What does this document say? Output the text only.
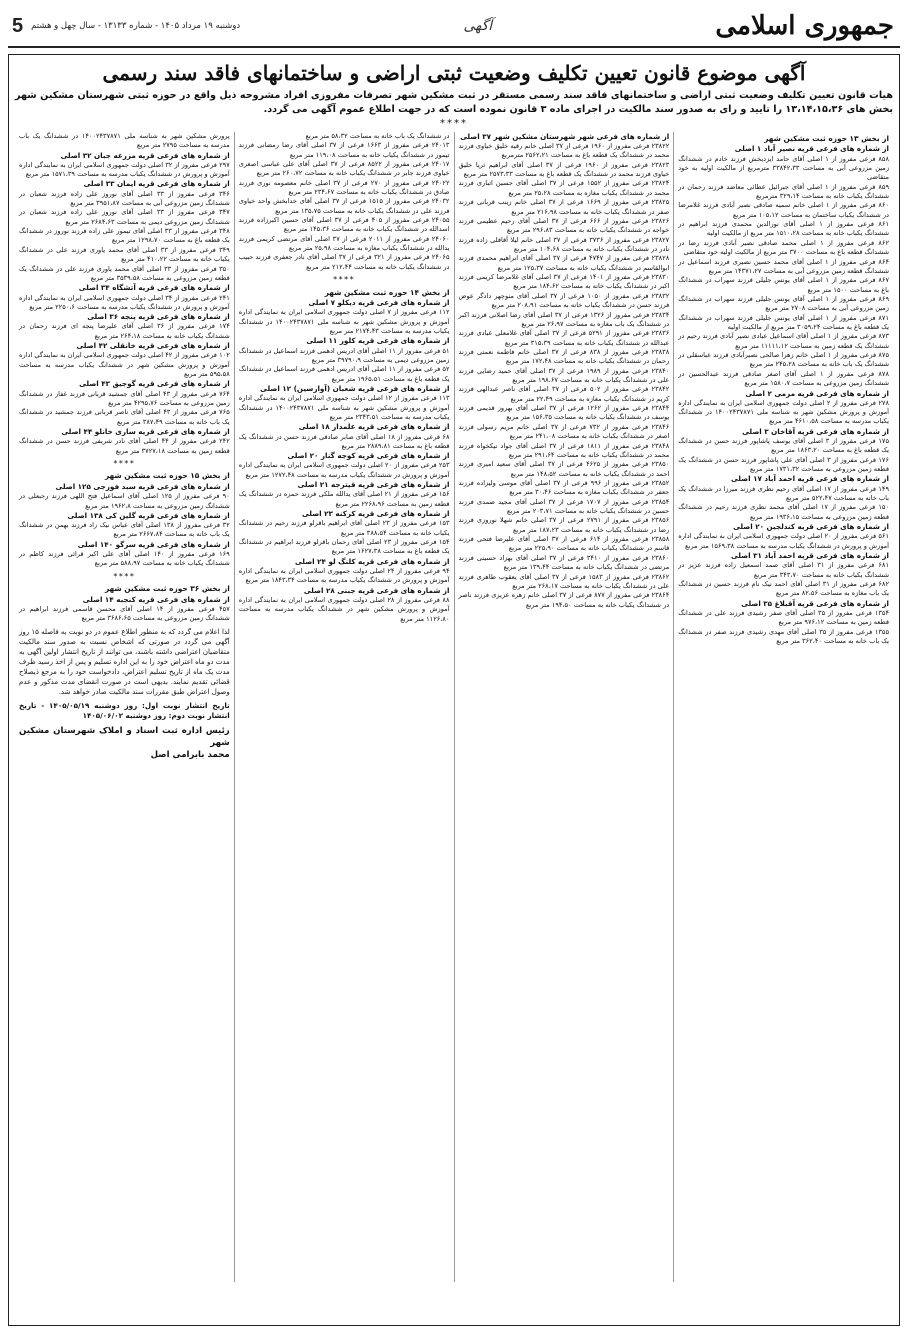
جمهوری اسلامی
آگهی
دوشنبه ۱۹ مرداد ۱۴۰۵ - شماره ۱۳۱۳۳ - سال چهل و هشتم
5
آگهی موضوع قانون تعیین تکلیف وضعیت ثبتی اراضی و ساختمانهای فاقد سند رسمی
هیات قانون تعیین تکلیف وضعیت ثبتی اراضی و ساختمانهای فاقد سند رسمی مستقر در ثبت مشکین شهر تصرفات مفروزی افراد مشروحه ذیل واقع در حوزه ثبتی شهرستان مشکین شهر بخش های ۱۳،۱۴،۱۵،۳۶ را تایید و رای به صدور سند مالکیت در اجرای ماده ۳ قانون نموده است که در جهت اطلاع عموم آگهی می گردد.
****
از بخش ۱۳ حوزه ثبت مشکین شهر
از شماره های فرعی قریه نصیر آباد ۱ اصلی
۸۵۸ فرعی مفروز از ۱ اصلی آقای حامد ایزدبخش فرزند خادم در ششدانگ زمین مزروعی آبی به مساحت ۳۳۸۴۲،۳۳ مترمربع از مالکیت اولیه به خود متقاضی
۸۵۹ فرعی مفروز از ۱ اصلی آقای جبرائیل عطائی معاضد فرزند رحمان در ششدانگ یکباب خانه به مساحت ۳۲۹،۱۴ مترمربع
۸۶۰ فرعی مفروز از ۱ اصلی خانم سمیه صادقی نصیر آبادی فرزند غلامرضا در ششدانگ یکباب ساختمان به مساحت ۱۰۵،۱۲ متر مربع
۸۶۱ فرعی مفروز از ۱ اصلی آقای نورالدین محمدی فرزند ابراهیم در ششدانگ یکباب خانه به مساحت ۱۵۱۰،۲۸ متر مربع از مالکیت اولیه
۸۶۲ فرعی مفروز از ۱ اصلی محمد صادقی نصیر آبادی فرزند رضا در ششدانگ قطعه باغ به مساحت ۳۷۰۰ متر مربع از مالکیت اولیه خود متقاضی
۸۶۴ فرعی مفروز از ۱ اصلی آقای محمد حسین نصیری فرزند اسماعیل در ششدانگ قطعه زمین مزروعی آبی به مساحت ۱۴۳۷۱،۲۷ متر مربع
۸۶۷ فرعی مفروز از ۱ اصلی آقای یونس جلیلی فرزند سهراب در ششدانگ باغ به مساحت ۱۵۰۰ متر مربع
۸۶۹ فرعی مفروز از ۱ اصلی آقای یونس جلیلی فرزند سهراب در ششدانگ زمین مزروعی آبی به مساحت ۲۷۰۸ متر مربع
۸۷۱ فرعی مفروز از ۱ اصلی آقای یونس جلیلی فرزند سهراب در ششدانگ یک قطعه باغ به مساحت ۳۰۵۹،۲۴ متر مربع از مالکیت اولیه
۸۷۳ فرعی مفروز از ۱ اصلی آقای اسماعیل عبادی نصیر آبادی فرزند رحیم در ششدانگ یک قطعه زمین به مساحت ۱۱۱۱۱،۱۲ متر مربع
۸۷۵ فرعی مفروز از ۱ اصلی خانم زهرا صالحی نصیرآبادی فرزند عباسقلی در ششدانگ یک باب خانه به مساحت ۲۴۵،۲۸ متر مربع
۸۷۸ فرعی مفروز از ۱ اصلی آقای اصغر صادقی فرزند عبدالحسین در ششدانگ زمین مزروعی به مساحت ۱۵۸۰،۷ متر مربع
از شماره های فرعی قریه مرمی ۲ اصلی
۲۷۸ فرعی مفروز از ۲ اصلی دولت جمهوری اسلامی ایران به نمایندگی اداره آموزش و پرورش مشکین شهر به شناسه ملی ۱۴۰۰۲۴۳۷۸۷۱ در ششدانگ یکباب مدرسه به مساحت ۴۶۱۰،۵۸ متر مربع
از شماره های فرعی قریه آقاخان ۳ اصلی
۱۷۵ فرعی مفروز از ۳ اصلی آقای یوسف پاشاپور فرزند حسن در ششدانگ یک قطعه باغ به مساحت ۱۸۶۳،۲۰ متر مربع
۱۷۶ فرعی مفروز از ۳ اصلی آقای علی پاشاپور فرزند حسن در ششدانگ یک قطعه زمین مزروعی به مساحت ۱۷۳۱،۳۲ متر مربع
از شماره های فرعی قریه احمد آباد ۱۷ اصلی
۱۴۹ فرعی مفروز از ۱۷ اصلی آقای رحیم نظری فرزند میرزا در ششدانگ یک باب خانه به مساحت ۵۲۲،۴۷ متر مربع
۱۵۰ فرعی مفروز از ۱۷ اصلی آقای محمد نظری فرزند رحیم در ششدانگ قطعه زمین مزروعی به مساحت ۱۹۳۶،۱۵ متر مربع
از شماره های فرعی قریه کندلجین ۲۰ اصلی
۵۶۱ فرعی مفروز از ۲۰ اصلی دولت جمهوری اسلامی ایران به نمایندگی اداره آموزش و پرورش در ششدانگ یکباب مدرسه به مساحت ۱۵۶۹،۳۸ متر مربع
از شماره های فرعی قریه احمد آباد ۳۱ اصلی
۶۸۱ فرعی مفروز از ۳۱ اصلی آقای صمد اسمعیل زاده فرزند عزیز در ششدانگ یکباب خانه به مساحت ۳۴۳،۷۰ متر مربع
۶۸۲ فرعی مفروز از ۳۱ اصلی آقای احمد نیک نام فرزند حسین در ششدانگ یک باب مغازه به مساحت ۸۲،۵۶ متر مربع
از شماره های فرعی قریه آقبلاغ ۳۵ اصلی
۱۳۵۴ فرعی مفروز از ۳۵ اصلی آقای صفر رشیدی فرزند علی در ششدانگ قطعه زمین به مساحت ۹۷۶،۱۲ متر مربع
۱۳۵۵ فرعی مفروز از ۳۵ اصلی آقای مهدی رشیدی فرزند صفر در ششدانگ یک باب خانه به مساحت ۳۶۲،۴۰ متر مربع
از شماره های فرعی شهر شهرستان مشکین شهر ۳۷ اصلی
۲۳۸۲۲ فرعی مفروز از ۱۹۶۰ فرعی از ۳۷ اصلی خانم رقیه خلیق خیاوی فرزند محمد در ششدانگ یک قطعه باغ به مساحت ۲۵۶۲،۲۱ مترمربع
۲۳۸۲۳ فرعی مفروز از ۱۹۶۰ فرعی از ۳۷ اصلی آقای ابراهیم ثریا خلیق خیاوی فرزند محمد در ششدانگ یک قطعه باغ به مساحت ۲۵۷۳،۳۳ متر مربع
۲۳۸۲۴ فرعی مفروز از ۱۵۵۲ فرعی از ۳۷ اصلی آقای حسین اتباری فرزند محمد در ششدانگ یکباب مغازه به مساحت ۲۵،۲۸ متر مربع
۲۳۸۲۵ فرعی مفروز از ۱۶۶۹ فرعی از ۳۷ اصلی خانم زینب قربانی فرزند صفر در ششدانگ یکباب خانه به مساحت ۲۱۶،۹۸ متر مربع
۲۳۸۲۶ فرعی مفروز از ۶۶۶ فرعی از ۳۷ اصلی آقای رحیم عظیمی فرزند خواجه در ششدانگ یکباب خانه به مساحت ۲۹۶،۸۳ متر مربع
۲۳۸۲۷ فرعی مفروز از ۳۷۳۶ فرعی از ۳۷ اصلی خانم لیلا آقاقلی زاده فرزند نادر در ششدانگ یکباب خانه به مساحت ۱۰۴،۶۸ متر مربع
۲۳۸۲۸ فرعی مفروز از ۴۷۴۷ فرعی از ۳۷ اصلی آقای ابراهیم محمدی فرزند ابوالقاسم در ششدانگ یکباب خانه به مساحت ۱۲۵،۳۷ متر مربع
۲۳۸۳۰ فرعی مفروز از ۱۴۰۱ فرعی از ۳۷ اصلی آقای غلامرضا کریمی فرزند اکبر در ششدانگ یکباب خانه به مساحت ۱۸۴،۶۲ متر مربع
۲۳۸۳۲ فرعی مفروز از ۱۰۵۰ فرعی از ۳۷ اصلی آقای منوچهر دادگر عوض فرزند حسن در ششدانگ یکباب خانه به مساحت ۲۰۸،۹۱ متر مربع
۲۳۸۳۴ فرعی مفروز از ۱۳۲۶ فرعی از ۳۷ اصلی آقای رضا اصلانی فرزند اکبر در ششدانگ یک باب مغازه به مساحت ۲۶،۹۷ متر مربع
۲۳۸۳۶ فرعی مفروز از ۵۲۹۱ فرعی از ۳۷ اصلی آقای غلامعلی عبادی فرزند عبدالله در ششدانگ یکباب خانه به مساحت ۳۱۵،۳۹ متر مربع
۲۳۸۳۸ فرعی مفروز از ۸۳۸ فرعی از ۳۷ اصلی خانم فاطمه نعمتی فرزند رحمان در ششدانگ یکباب خانه به مساحت ۱۷۲،۴۸ متر مربع
۲۳۸۴۰ فرعی مفروز از ۱۹۸۹ فرعی از ۳۷ اصلی آقای حمید رضایی فرزند علی در ششدانگ یکباب خانه به مساحت ۱۹۸،۶۷ متر مربع
۲۳۸۴۲ فرعی مفروز از ۵۰۲ فرعی از ۳۷ اصلی آقای ناصر عبدالهی فرزند کریم در ششدانگ یکباب مغازه به مساحت ۲۲،۴۹ متر مربع
۲۳۸۴۴ فرعی مفروز از ۱۲۶۲ فرعی از ۳۷ اصلی آقای بهروز قدیمی فرزند یوسف در ششدانگ یکباب خانه به مساحت ۱۵۶،۳۵ متر مربع
۲۳۸۴۶ فرعی مفروز از ۷۳۲ فرعی از ۳۷ اصلی خانم مریم رسولی فرزند اصغر در ششدانگ یکباب خانه به مساحت ۲۴۱،۰۸ متر مربع
۲۳۸۴۸ فرعی مفروز از ۱۸۱۱ فرعی از ۳۷ اصلی آقای جواد نیکخواه فرزند محمد در ششدانگ یکباب خانه به مساحت ۲۹۱،۶۴ متر مربع
۲۳۸۵۰ فرعی مفروز از ۴۶۲۵ فرعی از ۳۷ اصلی آقای سعید امیری فرزند احمد در ششدانگ یکباب خانه به مساحت ۱۴۸،۵۲ متر مربع
۲۳۸۵۲ فرعی مفروز از ۹۹۶ فرعی از ۳۷ اصلی آقای موسی ولیزاده فرزند جعفر در ششدانگ یکباب مغازه به مساحت ۳۰،۴۶ متر مربع
۲۳۸۵۴ فرعی مفروز از ۱۷۰۷ فرعی از ۳۷ اصلی آقای مجید صمدی فرزند حسین در ششدانگ یکباب خانه به مساحت ۲۰۳،۷۱ متر مربع
۲۳۸۵۶ فرعی مفروز از ۲۷۹۱ فرعی از ۳۷ اصلی خانم شهلا نوروزی فرزند رضا در ششدانگ یکباب خانه به مساحت ۱۸۷،۲۳ متر مربع
۲۳۸۵۸ فرعی مفروز از ۶۱۴ فرعی از ۳۷ اصلی آقای علیرضا فتحی فرزند قاسم در ششدانگ یکباب خانه به مساحت ۲۲۵،۹۰ متر مربع
۲۳۸۶۰ فرعی مفروز از ۳۴۱۰ فرعی از ۳۷ اصلی آقای بهزاد حسینی فرزند مرتضی در ششدانگ یکباب خانه به مساحت ۱۳۹،۴۴ متر مربع
۲۳۸۶۲ فرعی مفروز از ۱۵۸۳ فرعی از ۳۷ اصلی آقای یعقوب طاهری فرزند علی در ششدانگ یکباب خانه به مساحت ۲۶۸،۱۷ متر مربع
۲۳۸۶۴ فرعی مفروز از ۸۷۷ فرعی از ۳۷ اصلی خانم زهره عزیزی فرزند ناصر در ششدانگ یکباب خانه به مساحت ۱۹۴،۵۰ متر مربع
در ششدانگ یک باب خانه به مساحت ۵۸،۳۲ متر مربع
۲۴۰۱۳ فرعی مفروز از ۱۶۶۳ فرعی از ۳۷ اصلی آقای رضا رمضانی فرزند تیمور در ششدانگ یکباب خانه به مساحت ۱۱۹،۰۸ متر مربع
۲۴۰۱۷ فرعی مفروز از ۸۵۲۲ فرعی از ۳۷ اصلی آقای علی عباسی اصغری خیاوی فرزند جابر در ششدانگ یکباب خانه به مساحت ۲۶۰،۷۲ متر مربع
۲۴۰۲۲ فرعی مفروز از ۲۷۰ فرعی از ۳۷ اصلی خانم معصومه نوری فرزند صادق در ششدانگ یکباب خانه به مساحت ۲۳۴،۶۷ متر مربع
۲۴۰۳۲ فرعی مفروز از ۱۵۱۵ فرعی از ۳۷ اصلی آقای خدابخش واحد خیاوی فرزند علی در ششدانگ یکباب خانه به مساحت ۱۳۵،۷۵ متر مربع
۲۴۰۵۵ فرعی مفروز از ۴۰۵ فرعی از ۳۷ اصلی آقای حسین اکبرزاده فرزند اسدالله در ششدانگ یکباب خانه به مساحت ۱۴۵،۳۶ متر مربع
۲۴۰۶۰ فرعی مفروز از ۲۰۱۱ فرعی از ۳۷ اصلی آقای مرتضی کریمی فرزند یدالله در ششدانگ یکباب مغازه به مساحت ۲۵،۹۸ متر مربع
۲۴۰۶۵ فرعی مفروز از ۳۲۱ فرعی از ۳۷ اصلی آقای نادر جعفری فرزند حبیب در ششدانگ یکباب خانه به مساحت ۲۱۲،۴۴ متر مربع
****
از بخش ۱۴ حوزه ثبت مشکین شهر
از شماره های فرعی قریه دیکلو ۷ اصلی
۱۱۲ فرعی مفروز از ۷ اصلی دولت جمهوری اسلامی ایران به نمایندگی اداره آموزش و پرورش مشکین شهر به شناسه ملی ۱۴۰۰۲۴۳۷۸۷۱ در ششدانگ یکباب مدرسه به مساحت ۲۱۷۴،۴۳ متر مربع
از شماره های فرعی قریه کلور ۱۱ اصلی
۵۱ فرعی مفروز از ۱۱ اصلی آقای ادریس ادهمی فرزند اسماعیل در ششدانگ زمین مزروعی دیمی به مساحت ۳۹۷۹۰،۹ متر مربع
۵۲ فرعی مفروز از ۱۱ اصلی آقای ادریس ادهمی فرزند اسماعیل در ششدانگ یک قطعه باغ به مساحت ۱۹۶۵،۵۱ متر مربع
از شماره های فرعی قریه شعبان (آوارسین) ۱۲ اصلی
۱۱۳ فرعی مفروز از ۱۲ اصلی دولت جمهوری اسلامی ایران به نمایندگی اداره آموزش و پرورش مشکین شهر به شناسه ملی ۱۴۰۰۲۴۳۷۸۷۱ در ششدانگ یکباب مدرسه به مساحت ۲۳۴۳،۵۱ متر مربع
از شماره های فرعی قریه علمدار ۱۸ اصلی
۶۸ فرعی مفروز از ۱۸ اصلی آقای صابر صادقی فرزند حسن در ششدانگ یک قطعه باغ به مساحت ۲۸۸۹،۸۱ متر مربع
از شماره های فرعی قریه کوجه گنار ۲۰ اصلی
۲۵۳ فرعی مفروز از ۲۰ اصلی دولت جمهوری اسلامی ایران به نمایندگی اداره آموزش و پرورش در ششدانگ یکباب مدرسه به مساحت ۱۲۷۲،۴۸ متر مربع
از شماره های فرعی قریه قیترجه ۲۱ اصلی
۱۵۶ فرعی مفروز از ۲۱ اصلی آقای یدالله ملکی فرزند حمزه در ششدانگ یک قطعه زمین به مساحت ۲۲۶۸،۹۶ متر مربع
از شماره های فرعی قریه کرکنه ۲۳ اصلی
۱۵۳ فرعی مفروز از ۲۳ اصلی آقای ابراهیم باقرلو فرزند رحیم در ششدانگ یکباب خانه به مساحت ۳۸۸،۵۴ متر مربع
۱۵۴ فرعی مفروز از ۲۳ اصلی آقای رحمان باقرلو فرزند ابراهیم در ششدانگ یک قطعه باغ به مساحت ۱۶۲۷،۳۸ متر مربع
از شماره های فرعی قریه کلنگ لو ۲۴ اصلی
۹۴ فرعی مفروز از ۲۴ اصلی دولت جمهوری اسلامی ایران به نمایندگی اداره آموزش و پرورش در ششدانگ یکباب مدرسه به مساحت ۱۸۴۳،۳۴ متر مربع
از شماره های فرعی قریه جبنی ۲۸ اصلی
۸۸ فرعی مفروز از ۲۸ اصلی دولت جمهوری اسلامی ایران به نمایندگی اداره آموزش و پرورش مشکین شهر در ششدانگ یکباب مدرسه به مساحت ۱۱۲۶،۸۰ متر مربع
پرورش مشکین شهر به شناسه ملی ۱۴۰۰۲۴۳۷۸۷۱ در ششدانگ یک باب مدرسه به مساحت ۲۷۹۵ متر مربع
از شماره های فرعی قریه مزرعه جبان ۳۲ اصلی
۲۹۷ فرعی مفروز از ۳۲ اصلی دولت جمهوری اسلامی ایران به نمایندگی اداره آموزش و پرورش در ششدانگ یکباب مدرسه به مساحت ۱۵۷۱،۳۹ متر مربع
از شماره های فرعی قریه ایمان ۳۳ اصلی
۳۴۶ فرعی مفروز از ۳۳ اصلی آقای نوروز علی زاده فرزند شعبان در ششدانگ زمین مزروعی آبی به مساحت ۳۹۵۱،۸۷ متر مربع
۳۴۷ فرعی مفروز از ۳۳ اصلی آقای نوروز علی زاده فرزند شعبان در ششدانگ زمین مزروعی دیمی به مساحت ۲۶۸۴،۶۳ متر مربع
۳۴۸ فرعی مفروز از ۳۳ اصلی آقای تیمور علی زاده فرزند نوروز در ششدانگ یک قطعه باغ به مساحت ۱۲۹۸،۷۰ متر مربع
۳۴۹ فرعی مفروز از ۳۳ اصلی آقای محمد یاوری فرزند علی در ششدانگ یکباب خانه به مساحت ۴۱۰،۲۲ متر مربع
۳۵۰ فرعی مفروز از ۳۳ اصلی آقای محمد یاوری فرزند علی در ششدانگ یک قطعه زمین مزروعی به مساحت ۳۵۳۹،۵۸ متر مربع
از شماره های فرعی قریه آتشگاه ۳۴ اصلی
۲۴۱ فرعی مفروز از ۳۴ اصلی دولت جمهوری اسلامی ایران به نمایندگی اداره آموزش و پرورش در ششدانگ یکباب مدرسه به مساحت ۲۲۵۰،۶ متر مربع
از شماره های فرعی قریه پنجه ۳۶ اصلی
۱۷۴ فرعی مفروز از ۳۶ اصلی آقای علیرضا پنجه ای فرزند رحمان در ششدانگ یکباب خانه به مساحت ۲۶۴،۱۸ متر مربع
از شماره های فرعی قریه خانقلی ۴۲ اصلی
۱۰۲ فرعی مفروز از ۴۲ اصلی دولت جمهوری اسلامی ایران به نمایندگی اداره آموزش و پرورش مشکین شهر در ششدانگ یکباب مدرسه به مساحت ۵۹۵،۵۸ متر مربع
از شماره های فرعی قریه گوجیق ۴۳ اصلی
۷۶۴ فرعی مفروز از ۴۳ اصلی آقای جمشید قربانی فرزند غفار در ششدانگ زمین مزروعی به مساحت ۴۲۹۵،۷۶ متر مربع
۷۶۵ فرعی مفروز از ۴۳ اصلی آقای ناصر قربانی فرزند جمشید در ششدانگ یک باب خانه به مساحت ۳۸۷،۴۹ متر مربع
از شماره های فرعی قریه ساری خانلو ۴۴ اصلی
۲۴۲ فرعی مفروز از ۴۴ اصلی آقای نادر شریفی فرزند حسن در ششدانگ قطعه زمین به مساحت ۳۷۲۷،۱۸ متر مربع
****
از بخش ۱۵ حوزه ثبت مشکین شهر
از شماره های فرعی قریه سبد فورجی ۱۲۵ اصلی
۹۰ فرعی مفروز از ۱۲۵ اصلی آقای اسماعیل فتح اللهی فرزند رجبعلی در ششدانگ زمین مزروعی به مساحت ۱۹۶۲،۸ متر مربع
از شماره های فرعی قریه گلین کی ۱۳۸ اصلی
۳۲ فرعی مفروز از ۱۳۸ اصلی آقای عباس نیک زاد فرزند بهمن در ششدانگ یک باب خانه به مساحت ۲۶۶۷،۸۴ متر مربع
از شماره های فرعی قریه سرگو ۱۴۰ اصلی
۱۶۹ فرعی مفروز از ۱۴۰ اصلی آقای علی اکبر قرائی فرزند کاظم در ششدانگ یکباب خانه به مساحت ۵۸۸،۹۷ متر مربع
****
از بخش ۳۶ حوزه ثبت مشکین شهر
از شماره های فرعی قریه کنجبه ۱۴ اصلی
۴۵۷ فرعی مفروز از ۱۴ اصلی آقای محسن قاسمی فرزند ابراهیم در ششدانگ زمین مزروعی به مساحت ۳۶۸۶،۶۵ متر مربع
لذا اعلام می گردد که به منظور اطلاع عموم در دو نوبت به فاصله ۱۵ روز آگهی می گردد در صورتی که اشخاص نسبت به صدور سند مالکیت متقاضیان اعتراضی داشته باشند، می توانند از تاریخ انتشار اولین آگهی به مدت دو ماه اعتراض خود را به این اداره تسلیم و پس از اخذ رسید ظرف مدت یک ماه از تاریخ تسلیم اعتراض، دادخواست خود را به مرجع ذیصلاح قضائی تقدیم نمایند. بدیهی است در صورت انقضای مدت مذکور و عدم وصول اعتراض طبق مقررات سند مالکیت صادر خواهد شد.
تاریخ انتشار نوبت اول: روز دوشنبه ۱۴۰۵/۰۵/۱۹ - تاریخ انتشار نوبت دوم: روز دوشنبه ۱۴۰۵/۰۶/۰۲
رئیس اداره ثبت اسناد و املاک شهرستان مشکین شهر
محمد بابرامی اصل
